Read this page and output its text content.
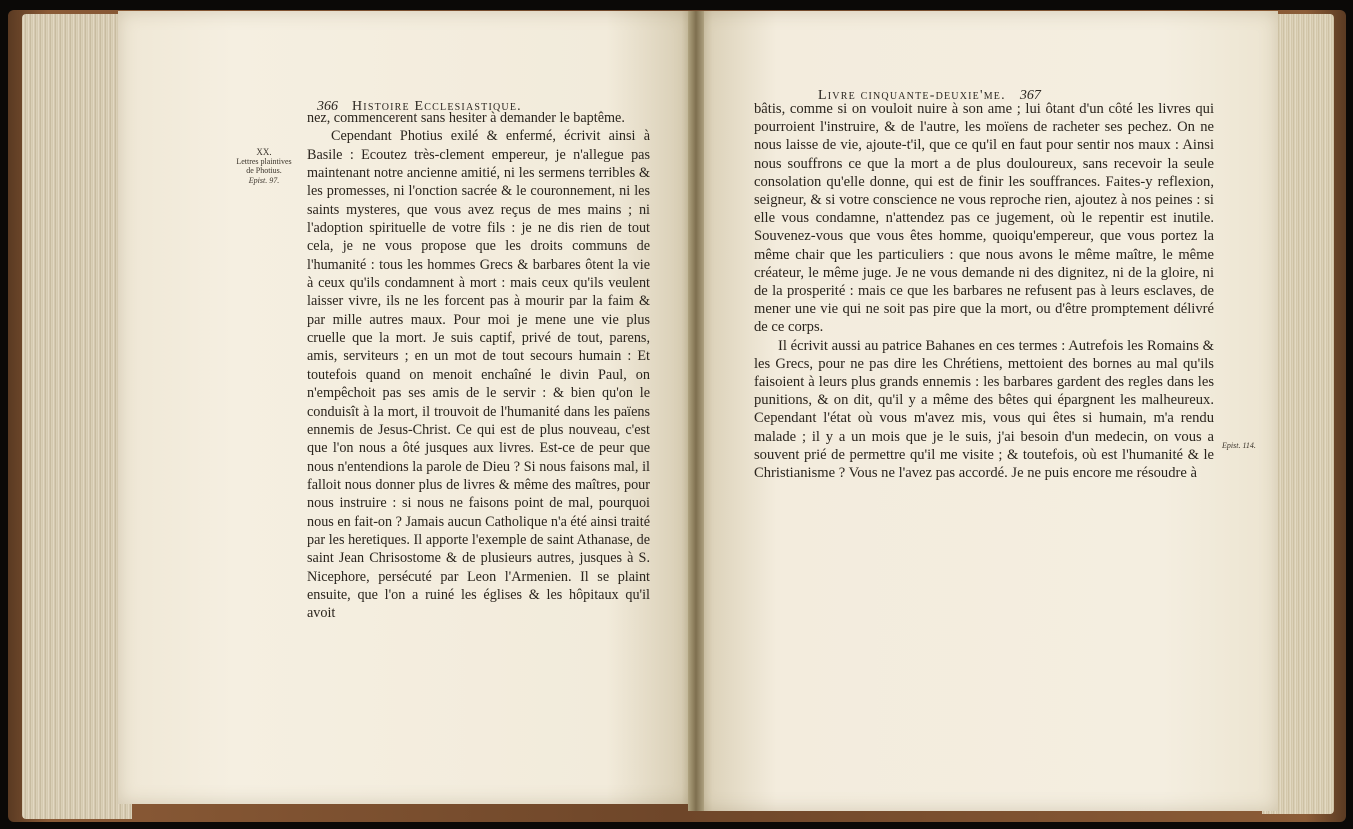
366 Histoire Ecclesiastique.
XX.
Lettres plaintives
de Photius.
Epist. 97.

nez, commencerent sans hesiter à demander le baptême.

Cependant Photius exilé & enfermé, écrivit ainsi à Basile : Ecoutez très-clement empereur, je n'allegue pas maintenant notre ancienne amitié, ni les sermens terribles & les promesses, ni l'onction sacrée & le couronnement, ni les saints mysteres, que vous avez reçus de mes mains ; ni l'adoption spirituelle de votre fils : je ne dis rien de tout cela, je ne vous propose que les droits communs de l'humanité : tous les hommes Grecs & barbares ôtent la vie à ceux qu'ils condamnent à mort : mais ceux qu'ils veulent laisser vivre, ils ne les forcent pas à mourir par la faim & par mille autres maux. Pour moi je mene une vie plus cruelle que la mort. Je suis captif, privé de tout, parens, amis, serviteurs ; en un mot de tout secours humain : Et toutefois quand on menoit enchaîné le divin Paul, on n'empêchoit pas ses amis de le servir : & bien qu'on le conduisît à la mort, il trouvoit de l'humanité dans les païens ennemis de Jesus-Christ. Ce qui est de plus nouveau, c'est que l'on nous a ôté jusques aux livres. Est-ce de peur que nous n'entendions la parole de Dieu ? Si nous faisons mal, il falloit nous donner plus de livres & même des maîtres, pour nous instruire : si nous ne faisons point de mal, pourquoi nous en fait-on ? Jamais aucun Catholique n'a été ainsi traité par les heretiques. Il apporte l'exemple de saint Athanase, de saint Jean Chrisostome & de plusieurs autres, jusques à S. Nicephore, persécuté par Leon l'Armenien. Il se plaint ensuite, que l'on a ruiné les églises & les hôpitaux qu'il avoit

Livre cinquante-deuxie'me. 367
Epist. 114.

bâtis, comme si on vouloit nuire à son ame ; lui ôtant d'un côté les livres qui pourroient l'instruire, & de l'autre, les moïens de racheter ses pechez. On ne nous laisse de vie, ajoute-t'il, que ce qu'il en faut pour sentir nos maux : Ainsi nous souffrons ce que la mort a de plus douloureux, sans recevoir la seule consolation qu'elle donne, qui est de finir les souffrances. Faites-y reflexion, seigneur, & si votre conscience ne vous reproche rien, ajoutez à nos peines : si elle vous condamne, n'attendez pas ce jugement, où le repentir est inutile. Souvenez-vous que vous êtes homme, quoiqu'empereur, que vous portez la même chair que les particuliers : que nous avons le même maître, le même créateur, le même juge. Je ne vous demande ni des dignitez, ni de la gloire, ni de la prosperité : mais ce que les barbares ne refusent pas à leurs esclaves, de mener une vie qui ne soit pas pire que la mort, ou d'être promptement délivré de ce corps.

Il écrivit aussi au patrice Bahanes en ces termes : Autrefois les Romains & les Grecs, pour ne pas dire les Chrétiens, mettoient des bornes au mal qu'ils faisoient à leurs plus grands ennemis : les barbares gardent des regles dans les punitions, & on dit, qu'il y a même des bêtes qui épargnent les malheureux. Cependant l'état où vous m'avez mis, vous qui êtes si humain, m'a rendu malade ; il y a un mois que je le suis, j'ai besoin d'un medecin, on vous a souvent prié de permettre qu'il me visite ; & toutefois, où est l'humanité & le Christianisme ? Vous ne l'avez pas accordé. Je ne puis encore me résoudre à
